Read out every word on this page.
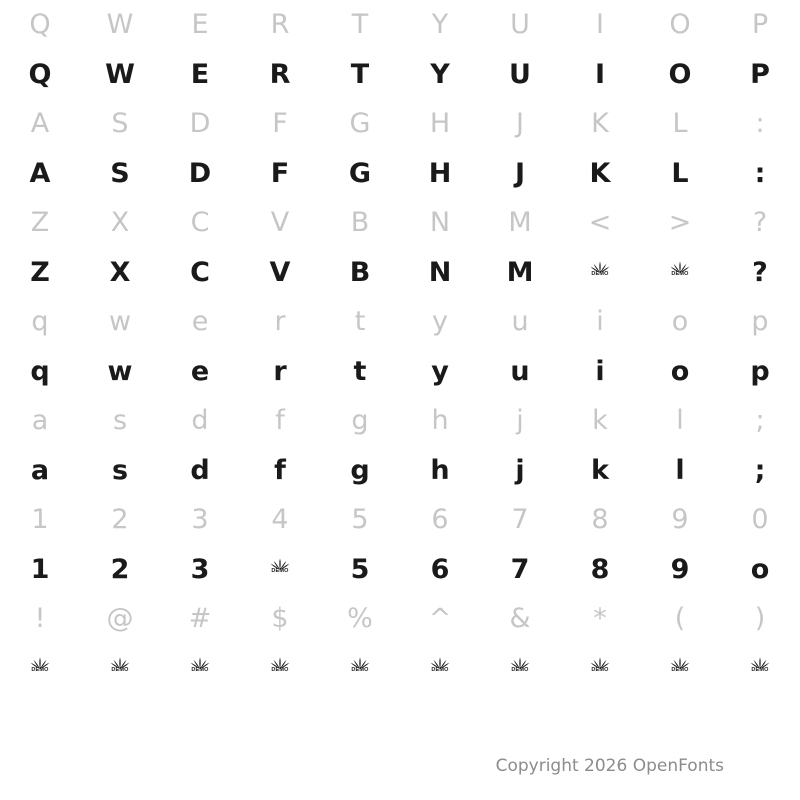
Q	W	E	R	T	Y	U	I	O	P
Q	W	E	R	T	Y	U	I	O	P
A	S	D	F	G	H	J	K	L	:
A	S	D	F	G	H	J	K	L	:
Z	X	C	V	B	N	M	<	>	?
Z	X	C	V	B	N	M	DEMO	DEMO	?
q	w	e	r	t	y	u	i	o	p
q	w	e	r	t	y	u	i	o	p
a	s	d	f	g	h	j	k	l	;
a	s	d	f	g	h	j	k	l	;
1	2	3	4	5	6	7	8	9	0
1	2	3	DEMO	5	6	7	8	9	o
!	@	#	$	%	^	&	*	(	)
DEMO	DEMO	DEMO	DEMO	DEMO	DEMO	DEMO	DEMO	DEMO	DEMO
Copyright 2026 OpenFonts
